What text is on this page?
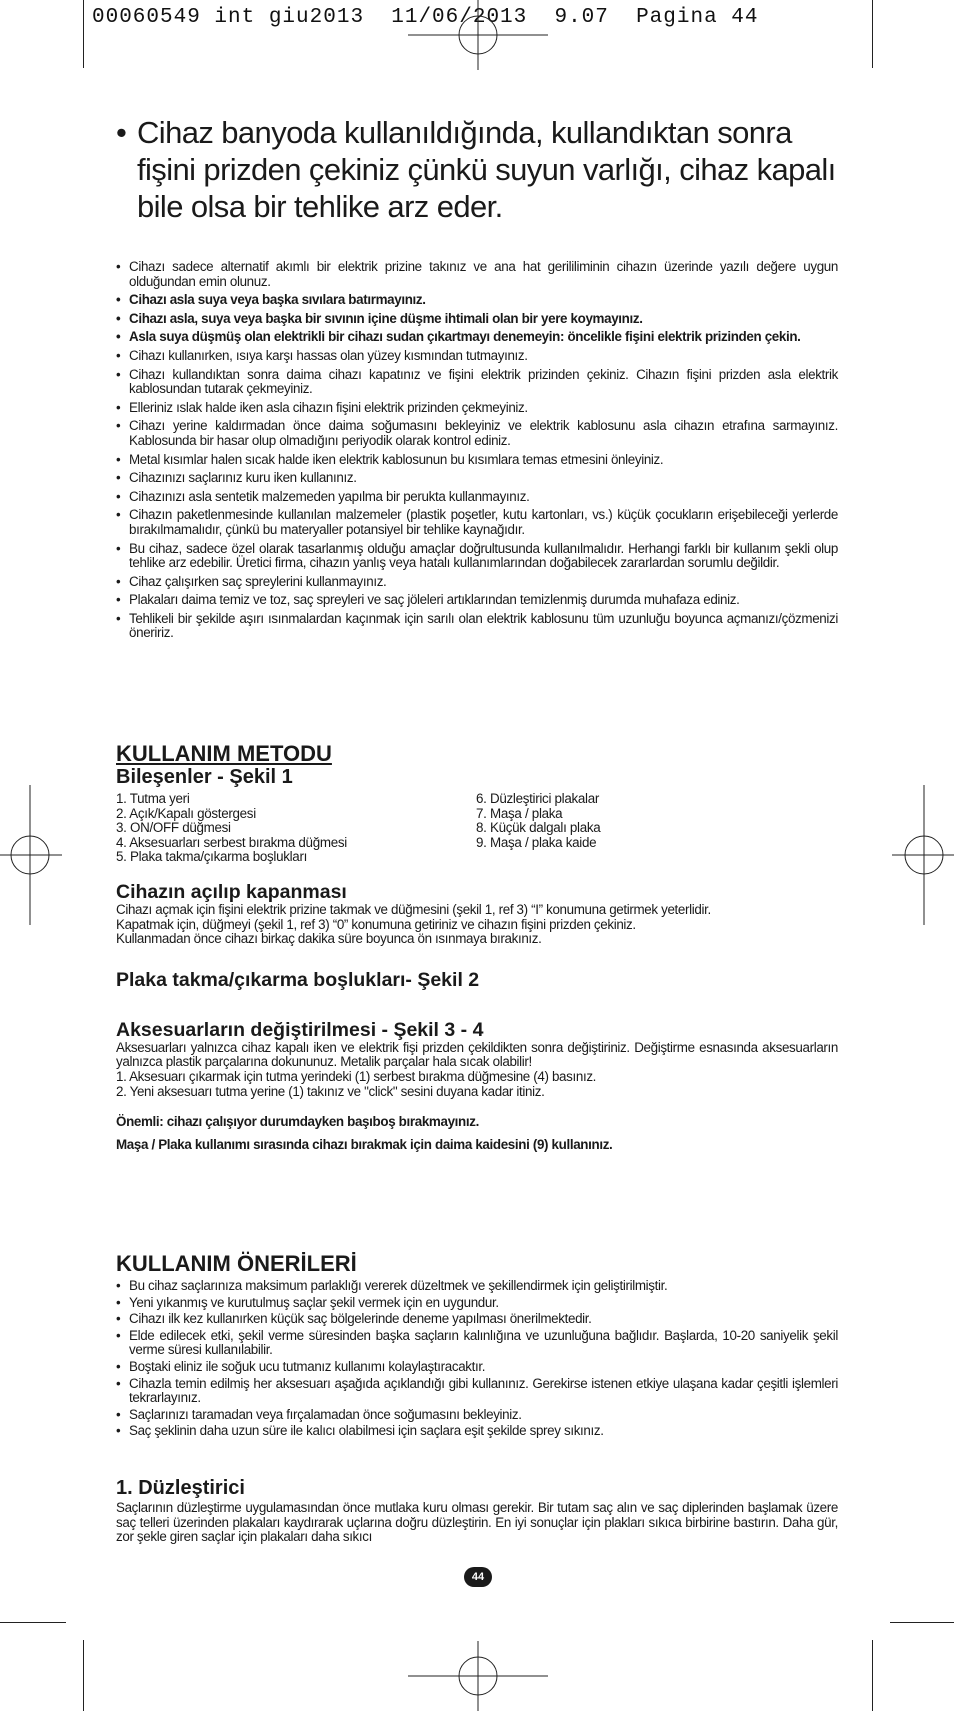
00060549 int giu2013  11/06/2013  9.07  Pagina 44
• Cihaz banyoda kullanıldığında, kullandıktan sonra fişini prizden çekiniz çünkü suyun varlığı, cihaz kapalı bile olsa bir tehlike arz eder.
• Cihazı sadece alternatif akımlı bir elektrik prizine takınız ve ana hat gerililiminin cihazın üzerinde yazılı değere uygun olduğundan emin olunuz.
• Cihazı asla suya veya başka sıvılara batırmayınız.
• Cihazı asla, suya veya başka bir sıvının içine düşme ihtimali olan bir yere koymayınız.
• Asla suya düşmüş olan elektrikli bir cihazı sudan çıkartmayı denemeyin: öncelikle fişini elektrik prizinden çekin.
• Cihazı kullanırken, ısıya karşı hassas olan yüzey kısmından tutmayınız.
• Cihazı kullandıktan sonra daima cihazı kapatınız ve fişini elektrik prizinden çekiniz. Cihazın fişini prizden asla elektrik kablosundan tutarak çekmeyiniz.
• Elleriniz ıslak halde iken asla cihazın fişini elektrik prizinden çekmeyiniz.
• Cihazı yerine kaldırmadan önce daima soğumasını bekleyiniz ve elektrik kablosunu asla cihazın etrafına sarmayınız. Kablosunda bir hasar olup olmadığını periyodik olarak kontrol ediniz.
• Metal kısımlar halen sıcak halde iken elektrik kablosunun bu kısımlara temas etmesini önleyiniz.
• Cihazınızı saçlarınız kuru iken kullanınız.
• Cihazınızı asla sentetik malzemeden yapılma bir perukta kullanmayınız.
• Cihazın paketlenmesinde kullanılan malzemeler (plastik poşetler, kutu kartonları, vs.) küçük çocukların erişebileceği yerlerde bırakılmamalıdır, çünkü bu materyaller potansiyel bir tehlike kaynağıdır.
• Bu cihaz, sadece özel olarak tasarlanmış olduğu amaçlar doğrultusunda kullanılmalıdır. Herhangi farklı bir kullanım şekli olup tehlike arz edebilir. Üretici firma, cihazın yanlış veya hatalı kullanımlarından doğabilecek zararlardan sorumlu değildir.
• Cihaz çalışırken saç spreylerini kullanmayınız.
• Plakaları daima temiz ve toz, saç spreyleri ve saç jöleleri artıklarından temizlenmiş durumda muhafaza ediniz.
• Tehlikeli bir şekilde aşırı ısınmalardan kaçınmak için sarılı olan elektrik kablosunu tüm uzunluğu boyunca açmanızı/çözmenizi öneririz.
KULLANIM METODU
Bileşenler - Şekil 1
1. Tutma yeri
2. Açık/Kapalı göstergesi
3. ON/OFF düğmesi
4. Aksesuarları serbest bırakma düğmesi
5. Plaka takma/çıkarma boşlukları
6. Düzleştirici plakalar
7. Maşa / plaka
8. Küçük dalgalı plaka
9. Maşa / plaka kaide
Cihazın açılıp kapanması
Cihazı açmak için fişini elektrik prizine takmak ve düğmesini (şekil 1, ref 3) “I” konumuna getirmek yeterlidir.
Kapatmak için, düğmeyi (şekil 1, ref 3) “0” konumuna getiriniz ve cihazın fişini prizden çekiniz.
Kullanmadan önce cihazı birkaç dakika süre boyunca ön ısınmaya bırakınız.
Plaka takma/çıkarma boşlukları- Şekil 2
Aksesuarların değiştirilmesi - Şekil 3 - 4
Aksesuarları yalnızca cihaz kapalı iken ve elektrik fişi prizden çekildikten sonra değiştiriniz. Değiştirme esnasında aksesuarların yalnızca plastik parçalarına dokununuz. Metalik parçalar hala sıcak olabilir!
1. Aksesuarı çıkarmak için tutma yerindeki (1) serbest bırakma düğmesine (4) basınız.
2. Yeni aksesuarı tutma yerine (1) takınız ve "click" sesini duyana kadar itiniz.
Önemli: cihazı çalışıyor durumdayken başıboş bırakmayınız.
Maşa / Plaka kullanımı sırasında cihazı bırakmak için daima kaidesini (9) kullanınız.
KULLANIM ÖNERİLERİ
• Bu cihaz saçlarınıza maksimum parlaklığı vererek düzeltmek ve şekillendirmek için geliştirilmiştir.
• Yeni yıkanmış ve kurutulmuş saçlar şekil vermek için en uygundur.
• Cihazı ilk kez kullanırken küçük saç bölgelerinde deneme yapılması önerilmektedir.
• Elde edilecek etki, şekil verme süresinden başka saçların kalınlığına ve uzunluğuna bağlıdır. Başlarda, 10-20 saniyelik şekil verme süresi kullanılabilir.
• Boştaki eliniz ile soğuk ucu tutmanız kullanımı kolaylaştıracaktır.
• Cihazla temin edilmiş her aksesuarı aşağıda açıklandığı gibi kullanınız. Gerekirse istenen etkiye ulaşana kadar çeşitli işlemleri tekrarlayınız.
• Saçlarınızı taramadan veya fırçalamadan önce soğumasını bekleyiniz.
• Saç şeklinin daha uzun süre ile kalıcı olabilmesi için saçlara eşit şekilde sprey sıkınız.
1. Düzleştirici
Saçlarının düzleştirme uygulamasından önce mutlaka kuru olması gerekir. Bir tutam saç alın ve saç diplerinden başlamak üzere saç telleri üzerinden plakaları kaydırarak uçlarına doğru düzleştirin. En iyi sonuçlar için plakları sıkıca birbirine bastırın. Daha gür, zor şekle giren saçlar için plakaları daha sıkıcı
44
